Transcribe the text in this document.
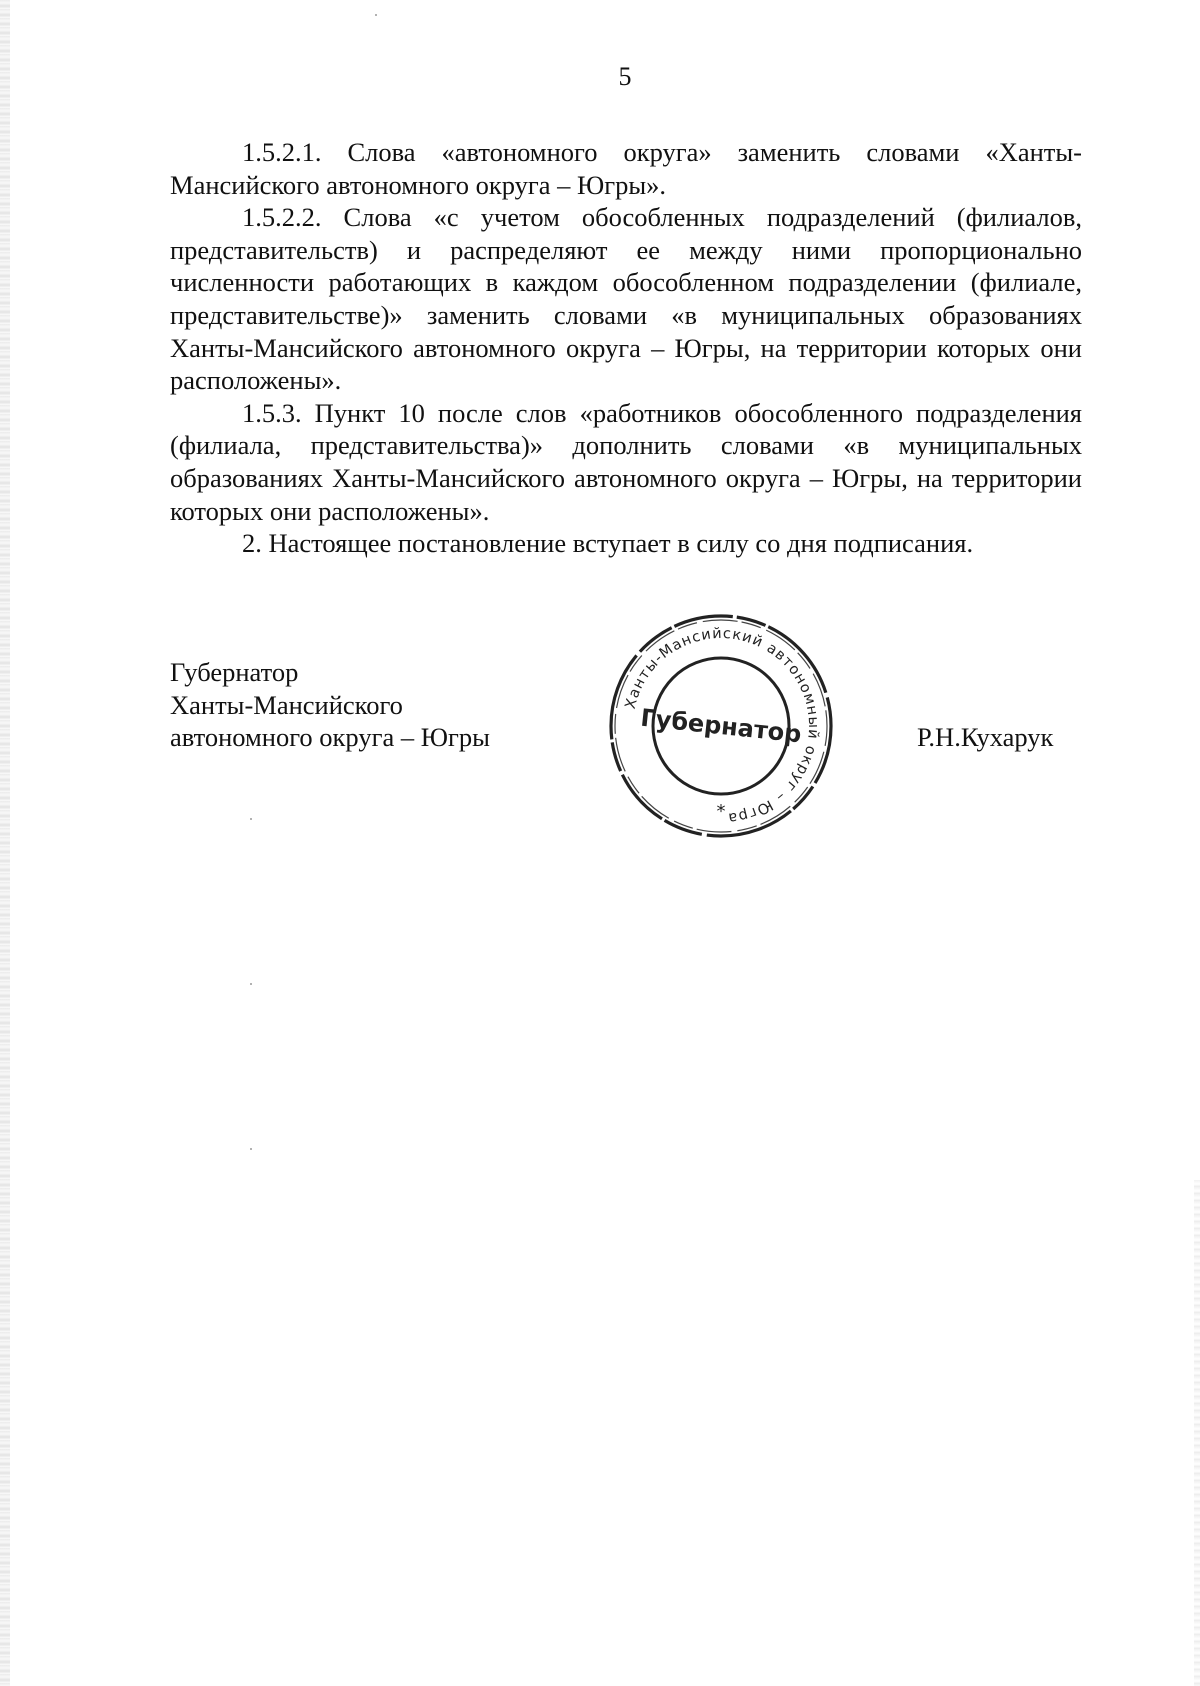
5

1.5.2.1. Слова «автономного округа» заменить словами «Ханты-Мансийского автономного округа – Югры».

1.5.2.2. Слова «с учетом обособленных подразделений (филиалов, представительств) и распределяют ее между ними пропорционально численности работающих в каждом обособленном подразделении (филиале, представительстве)» заменить словами «в муниципальных образованиях Ханты-Мансийского автономного округа – Югры, на территории которых они расположены».

1.5.3. Пункт 10 после слов «работников обособленного подразделения (филиала, представительства)» дополнить словами «в муниципальных образованиях Ханты-Мансийского автономного округа – Югры, на территории которых они расположены».

2. Настоящее постановление вступает в силу со дня подписания.

Губернатор
Ханты-Мансийского
автономного округа – Югры
Ханты-Мансийский автономный округ – Югра
Губернатор
*
Р.Н.Кухарук
